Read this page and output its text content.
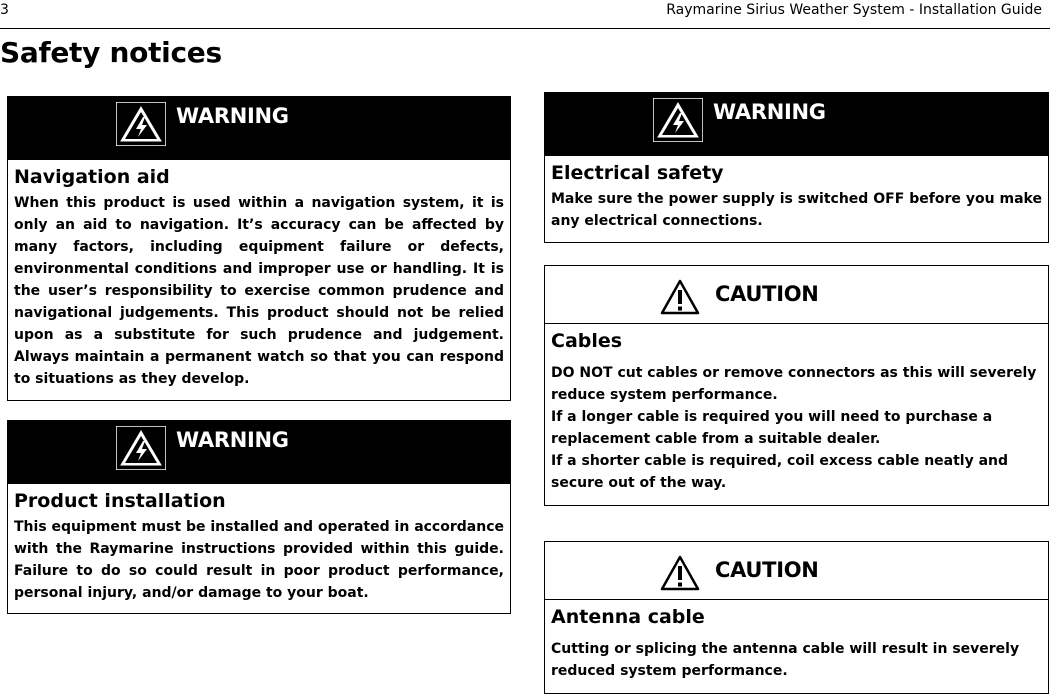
3	Raymarine Sirius Weather System - Installation Guide
Safety notices
WARNING
Navigation aid
When this product is used within a navigation system, it is only an aid to navigation. It’s accuracy can be affected by many factors, including equipment failure or defects, environmental conditions and improper use or handling. It is the user’s responsibility to exercise common prudence and navigational judgements. This product should not be relied upon as a substitute for such prudence and judgement. Always maintain a permanent watch so that you can respond to situations as they develop.
WARNING
Product installation
This equipment must be installed and operated in accordance with the Raymarine instructions provided within this guide. Failure to do so could result in poor product performance, personal injury, and/or damage to your boat.
WARNING
Electrical safety
Make sure the power supply is switched OFF before you make any electrical connections.
CAUTION
Cables

DO NOT cut cables or remove connectors as this will severely reduce system performance.

If a longer cable is required you will need to purchase a replacement cable from a suitable dealer.

If a shorter cable is required, coil excess cable neatly and secure out of the way.

CAUTION
Antenna cable
Cutting or splicing the antenna cable will result in severely reduced system performance.
